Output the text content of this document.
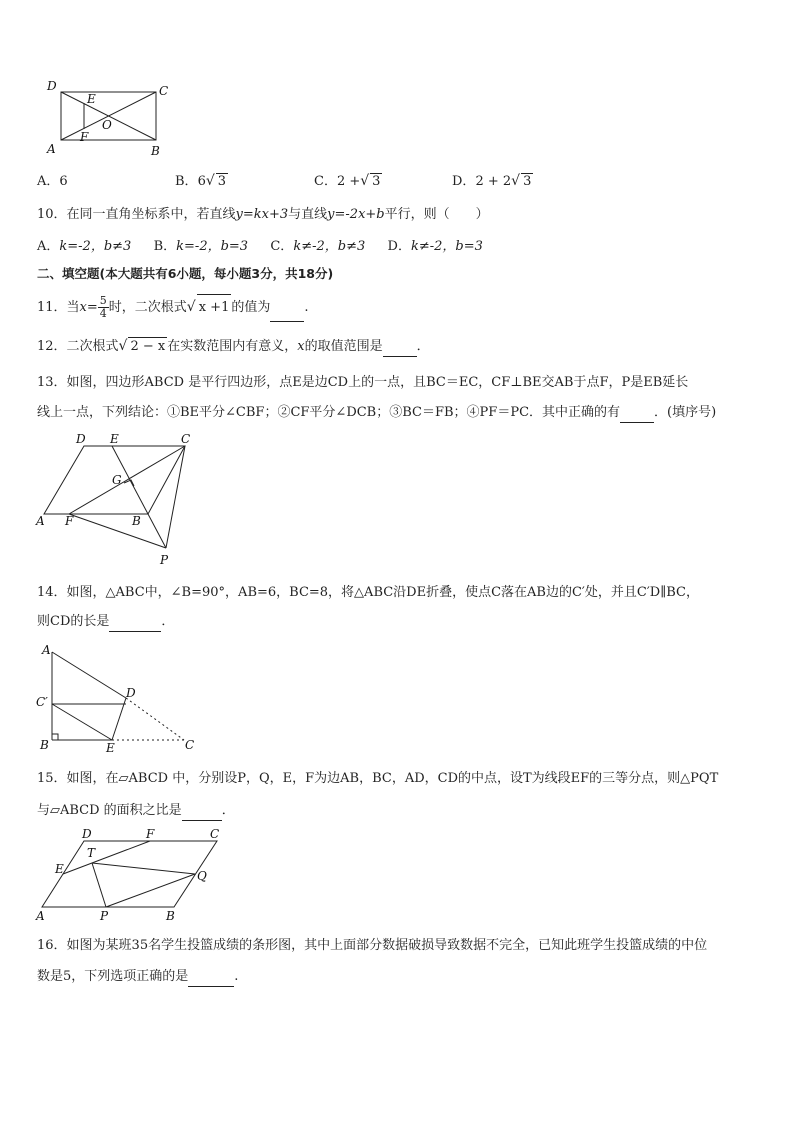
D	C
A	B
E
O
F
A．6	B．6√ 3	C．2 +√ 3	D．2 + 2√ 3
10．在同一直角坐标系中，若直线y=kx+3与直线y=-2x+b平行，则（　　）
A．k=-2，b≠3 B．k=-2，b=3 C．k≠-2，b≠3 D．k≠-2，b=3
二、填空题(本大题共有6小题，每小题3分，共18分)
11．当$x= \frac{5}{4}$ 时，二次根式√ x +1 的值为	.
12．二次根式√ 2 − x 在实数范围内有意义，x的取值范围是	．
13．如图，四边形ABCD 是平行四边形，点E是边CD上的一点，且BC＝EC，CF⊥BE交AB于点F，P是EB延长
线上一点，下列结论：①BE平分∠CBF；②CF平分∠DCB；③BC＝FB；④PF＝PC．其中正确的有	．(填序号)
D E	C
G
A F	B
P
14．如图，△ABC中，∠B=90°，AB=6，BC=8，将△ABC沿DE折叠，使点C落在AB边的C′处，并且C′D∥BC，
则CD的长是	．
A
C′
D
B	E	C
15．如图，在▱ABCD 中，分别设P，Q，E，F为边AB，BC，AD，CD的中点，设T为线段EF的三等分点，则△PQT
与▱ABCD 的面积之比是	．
D	F	C
T
E	Q
A	P	B
16．如图为某班35名学生投篮成绩的条形图，其中上面部分数据破损导致数据不完全，已知此班学生投篮成绩的中位
数是5，下列选项正确的是	.
